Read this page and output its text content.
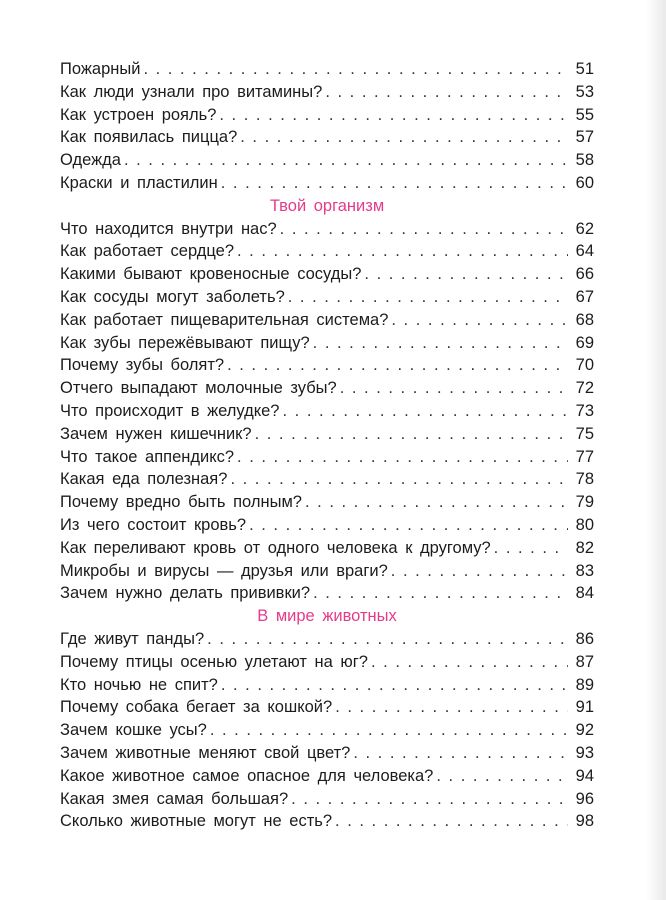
Пожарный . . .	51
Как люди узнали про витамины? . . .	53
Как устроен рояль? . . .	55
Как появилась пицца? . . .	57
Одежда . . .	58
Краски и пластилин . . .	60
Твой организм
Что находится внутри нас? . . .	62
Как работает сердце? . . .	64
Какими бывают кровеносные сосуды? . . .	66
Как сосуды могут заболеть? . . .	67
Как работает пищеварительная система? . . .	68
Как зубы пережёвывают пищу? . . .	69
Почему зубы болят? . . .	70
Отчего выпадают молочные зубы? . . .	72
Что происходит в желудке? . . .	73
Зачем нужен кишечник? . . .	75
Что такое аппендикс? . . .	77
Какая еда полезная? . . .	78
Почему вредно быть полным? . . .	79
Из чего состоит кровь? . . .	80
Как переливают кровь от одного человека к другому? . . .	82
Микробы и вирусы — друзья или враги? . . .	83
Зачем нужно делать прививки? . . .	84
В мире животных
Где живут панды? . . .	86
Почему птицы осенью улетают на юг? . . .	87
Кто ночью не спит? . . .	89
Почему собака бегает за кошкой? . . .	91
Зачем кошке усы? . . .	92
Зачем животные меняют свой цвет? . . .	93
Какое животное самое опасное для человека? . . .	94
Какая змея самая большая? . . .	96
Сколько животные могут не есть? . . .	98
